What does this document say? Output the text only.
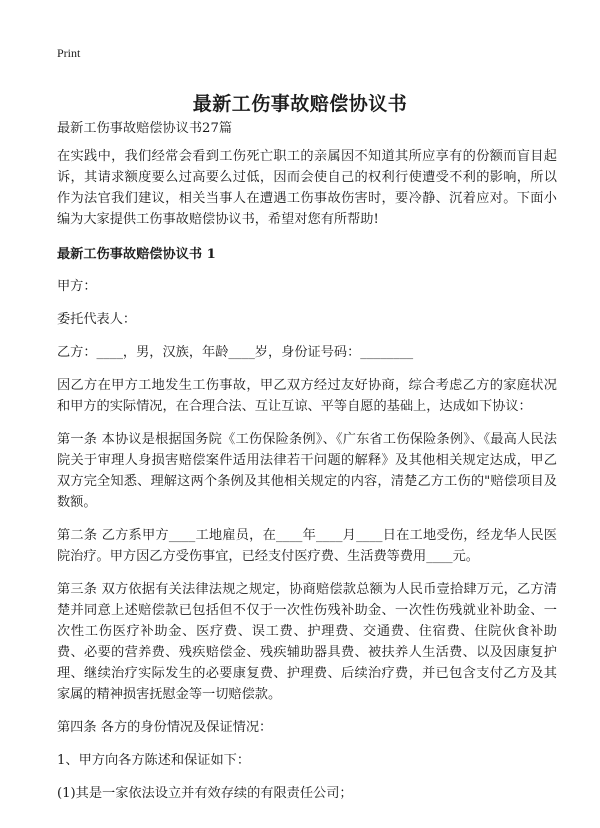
Print
最新工伤事故赔偿协议书

最新工伤事故赔偿协议书27篇

在实践中，我们经常会看到工伤死亡职工的亲属因不知道其所应享有的份额而盲目起诉，其请求额度要么过高要么过低，因而会使自己的权利行使遭受不利的影响，所以作为法官我们建议，相关当事人在遭遇工伤事故伤害时，要冷静、沉着应对。下面小编为大家提供工伤事故赔偿协议书，希望对您有所帮助!

最新工伤事故赔偿协议书 1

甲方：

委托代表人：

乙方：____，男，汉族，年龄____岁，身份证号码：________

因乙方在甲方工地发生工伤事故，甲乙双方经过友好协商，综合考虑乙方的家庭状况和甲方的实际情况，在合理合法、互让互谅、平等自愿的基础上，达成如下协议：

第一条 本协议是根据国务院《工伤保险条例》、《广东省工伤保险条例》、《最高人民法院关于审理人身损害赔偿案件适用法律若干问题的解释》及其他相关规定达成，甲乙双方完全知悉、理解这两个条例及其他相关规定的内容，清楚乙方工伤的"赔偿项目及数额。

第二条 乙方系甲方____工地雇员，在____年____月____日在工地受伤，经龙华人民医院治疗。甲方因乙方受伤事宜，已经支付医疗费、生活费等费用____元。

第三条 双方依据有关法律法规之规定，协商赔偿款总额为人民币壹拾肆万元，乙方清楚并同意上述赔偿款已包括但不仅于一次性伤残补助金、一次性伤残就业补助金、一次性工伤医疗补助金、医疗费、误工费、护理费、交通费、住宿费、住院伙食补助费、必要的营养费、残疾赔偿金、残疾辅助器具费、被扶养人生活费、以及因康复护理、继续治疗实际发生的必要康复费、护理费、后续治疗费，并已包含支付乙方及其家属的精神损害抚慰金等一切赔偿款。

第四条 各方的身份情况及保证情况：

1、甲方向各方陈述和保证如下：

(1)其是一家依法设立并有效存续的有限责任公司；
